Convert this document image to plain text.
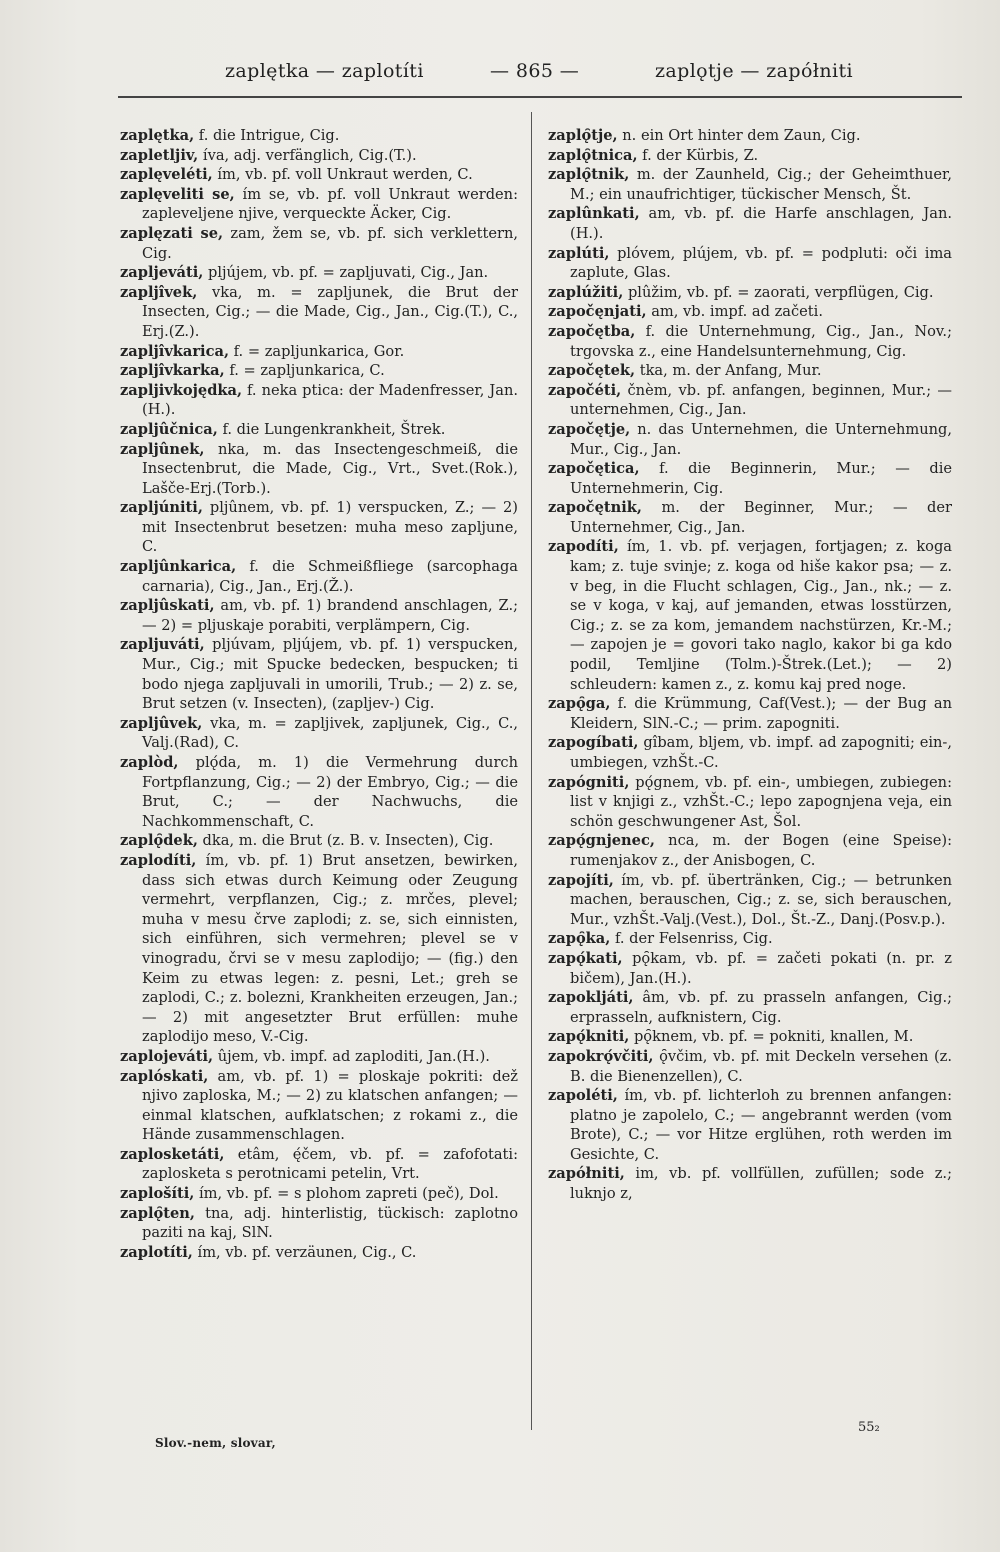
zaplętka — zaplotíti	— 865 —	zaplǫtje — zapółniti

zaplętka, f. die Intrigue, Cig.

zapletljiv, íva, adj. verfänglich, Cig.(T.).

zaplęveléti, ím, vb. pf. voll Unkraut werden, C.

zaplęveliti se, ím se, vb. pf. voll Unkraut werden: zapleveljene njive, verqueckte Äcker, Cig.

zaplęzati se, zam, žem se, vb. pf. sich verklettern, Cig.

zapljeváti, pljújem, vb. pf. = zapljuvati, Cig., Jan.

zapljîvek, vka, m. = zapljunek, die Brut der Insecten, Cig.; — die Made, Cig., Jan., Cig.(T.), C., Erj.(Z.).

zapljîvkarica, f. = zapljunkarica, Gor.

zapljîvkarka, f. = zapljunkarica, C.

zapljivkojędka, f. neka ptica: der Madenfresser, Jan.(H.).

zapljûčnica, f. die Lungenkrankheit, Štrek.

zapljûnek, nka, m. das Insectengeschmeiß, die Insectenbrut, die Made, Cig., Vrt., Svet.(Rok.), Lašče-Erj.(Torb.).

zapljúniti, pljûnem, vb. pf. 1) verspucken, Z.; — 2) mit Insectenbrut besetzen: muha meso zapljune, C.

zapljûnkarica, f. die Schmeißfliege (sarcophaga carnaria), Cig., Jan., Erj.(Ž.).

zapljûskati, am, vb. pf. 1) brandend anschlagen, Z.; — 2) = pljuskaje porabiti, verplämpern, Cig.

zapljuváti, pljúvam, pljújem, vb. pf. 1) verspucken, Mur., Cig.; mit Spucke bedecken, bespucken; ti bodo njega zapljuvali in umorili, Trub.; — 2) z. se, Brut setzen (v. Insecten), (zapljev-) Cig.

zapljûvek, vka, m. = zapljivek, zapljunek, Cig., C., Valj.(Rad), C.

zaplòd, plǫ́da, m. 1) die Vermehrung durch Fortpflanzung, Cig.; — 2) der Embryo, Cig.; — die Brut, C.; — der Nachwuchs, die Nachkommenschaft, C.

zaplǫ̑dek, dka, m. die Brut (z. B. v. Insecten), Cig.

zaplodíti, ím, vb. pf. 1) Brut ansetzen, bewirken, dass sich etwas durch Keimung oder Zeugung vermehrt, verpflanzen, Cig.; z. mrčes, plevel; muha v mesu črve zaplodi; z. se, sich einnisten, sich einführen, sich vermehren; plevel se v vinogradu, črvi se v mesu zaplodijo; — (fig.) den Keim zu etwas legen: z. pesni, Let.; greh se zaplodi, C.; z. bolezni, Krankheiten erzeugen, Jan.; — 2) mit angesetzter Brut erfüllen: muhe zaplodijo meso, V.-Cig.

zaplojeváti, ûjem, vb. impf. ad zaploditi, Jan.(H.).

zaplóskati, am, vb. pf. 1) = ploskaje pokriti: dež njivo zaploska, M.; — 2) zu klatschen anfangen; — einmal klatschen, aufklatschen; z rokami z., die Hände zusammenschlagen.

zaplosketáti, etâm, ę́čem, vb. pf. = zafofotati: zaplosketa s perotnicami petelin, Vrt.

zaplošíti, ím, vb. pf. = s plohom zapreti (peč), Dol.

zaplǫ̑ten, tna, adj. hinterlistig, tückisch: zaplotno paziti na kaj, SlN.

zaplotíti, ím, vb. pf. verzäunen, Cig., C.

zaplǫ̑tje, n. ein Ort hinter dem Zaun, Cig.

zaplǫ̑tnica, f. der Kürbis, Z.

zaplǫ̑tnik, m. der Zaunheld, Cig.; der Geheimthuer, M.; ein unaufrichtiger, tückischer Mensch, Št.

zaplûnkati, am, vb. pf. die Harfe anschlagen, Jan.(H.).

zaplúti, plóvem, plújem, vb. pf. = podpluti: oči ima zaplute, Glas.

zaplúžiti, plûžim, vb. pf. = zaorati, verpflügen, Cig.

započęnjati, am, vb. impf. ad začeti.

započętba, f. die Unternehmung, Cig., Jan., Nov.; trgovska z., eine Handelsunternehmung, Cig.

započętek, tka, m. der Anfang, Mur.

započéti, čnèm, vb. pf. anfangen, beginnen, Mur.; — unternehmen, Cig., Jan.

započętje, n. das Unternehmen, die Unternehmung, Mur., Cig., Jan.

započętica, f. die Beginnerin, Mur.; — die Unternehmerin, Cig.

započętnik, m. der Beginner, Mur.; — der Unternehmer, Cig., Jan.

zapodíti, ím, 1. vb. pf. verjagen, fortjagen; z. koga kam; z. tuje svinje; z. koga od hiše kakor psa; — z. v beg, in die Flucht schlagen, Cig., Jan., nk.; — z. se v koga, v kaj, auf jemanden, etwas losstürzen, Cig.; z. se za kom, jemandem nachstürzen, Kr.-M.; — zapojen je = govori tako naglo, kakor bi ga kdo podil, Temljine (Tolm.)-Štrek.(Let.); — 2) schleudern: kamen z., z. komu kaj pred noge.

zapǫ̑ga, f. die Krümmung, Caf(Vest.); — der Bug an Kleidern, SlN.-C.; — prim. zapogniti.

zapogíbati, gîbam, bljem, vb. impf. ad zapogniti; ein-, umbiegen, vzhŠt.-C.

zapógniti, pǫ́gnem, vb. pf. ein-, umbiegen, zubiegen: list v knjigi z., vzhŠt.-C.; lepo zapognjena veja, ein schön geschwungener Ast, Šol.

zapǫ́gnjenec, nca, m. der Bogen (eine Speise): rumenjakov z., der Anisbogen, C.

zapojíti, ím, vb. pf. übertränken, Cig.; — betrunken machen, berauschen, Cig.; z. se, sich berauschen, Mur., vzhŠt.-Valj.(Vest.), Dol., Št.-Z., Danj.(Posv.p.).

zapǫ̑ka, f. der Felsenriss, Cig.

zapǫ́kati, pǫ̑kam, vb. pf. = začeti pokati (n. pr. z bičem), Jan.(H.).

zapokljáti, âm, vb. pf. zu prasseln anfangen, Cig.; erprasseln, aufknistern, Cig.

zapǫ́kniti, pǫ̑knem, vb. pf. = pokniti, knallen, M.

zapokrǫ́včiti, ǫ̑včim, vb. pf. mit Deckeln versehen (z. B. die Bienenzellen), C.

zapoléti, ím, vb. pf. lichterloh zu brennen anfangen: platno je zapolelo, C.; — angebrannt werden (vom Brote), C.; — vor Hitze erglühen, roth werden im Gesichte, C.

zapółniti, im, vb. pf. vollfüllen, zufüllen; sode z.; luknjo z,

Slov.-nem, slovar,
55₂
